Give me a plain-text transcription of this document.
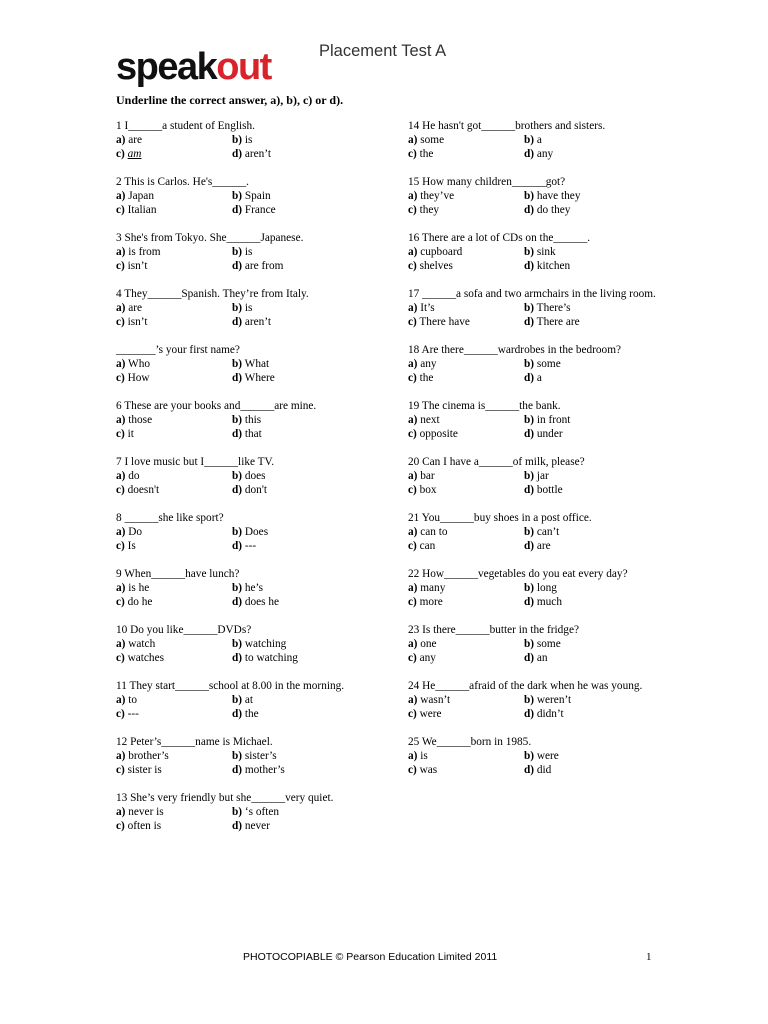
speakout	Placement Test A
Underline the correct answer, a), b), c) or d).
1 I______a student of English.
a) are	b) is
c) am	d) aren’t
2 This is Carlos. He's______.
a) Japan	b) Spain
c) Italian	d) France
3 She's from Tokyo. She______Japanese.
a) is from	b) is
c) isn’t	d) are from
4 They______Spanish. They’re from Italy.
a) are	b) is
c) isn’t	d) aren’t
_______’s your first name?
a) Who	b) What
c) How	d) Where
6 These are your books and______are mine.
a) those	b) this
c) it	d) that
7 I love music but I______like TV.
a) do	b) does
c) doesn't	d) don't
8 ______she like sport?
a) Do	b) Does
c) Is	d) ---
9 When______have lunch?
a) is he	b) he’s
c) do he	d) does he
10 Do you like______DVDs?
a) watch	b) watching
c) watches	d) to watching
11 They start______school at 8.00 in the morning.
a) to	b) at
c) ---	d) the
12 Peter’s______name is Michael.
a) brother’s	b) sister’s
c) sister is	d) mother’s
13 She’s very friendly but she______very quiet.
a) never is	b) ‘s often
c) often is	d) never
14 He hasn't got______brothers and sisters.
a) some	b) a
c) the	d) any
15 How many children______got?
a) they’ve	b) have they
c) they	d) do they
16 There are a lot of CDs on the______.
a) cupboard	b) sink
c) shelves	d) kitchen
17 ______a sofa and two armchairs in the living room.
a) It’s	b) There’s
c) There have	d) There are
18 Are there______wardrobes in the bedroom?
a) any	b) some
c) the	d) a
19 The cinema is______the bank.
a) next	b) in front
c) opposite	d) under
20 Can I have a______of milk, please?
a) bar	b) jar
c) box	d) bottle
21 You______buy shoes in a post office.
a) can to	b) can’t
c) can	d) are
22 How______vegetables do you eat every day?
a) many	b) long
c) more	d) much
23 Is there______butter in the fridge?
a) one	b) some
c) any	d) an
24 He______afraid of the dark when he was young.
a) wasn’t	b) weren’t
c) were	d) didn’t
25 We______born in 1985.
a) is	b) were
c) was	d) did
PHOTOCOPIABLE © Pearson Education Limited 2011	1
